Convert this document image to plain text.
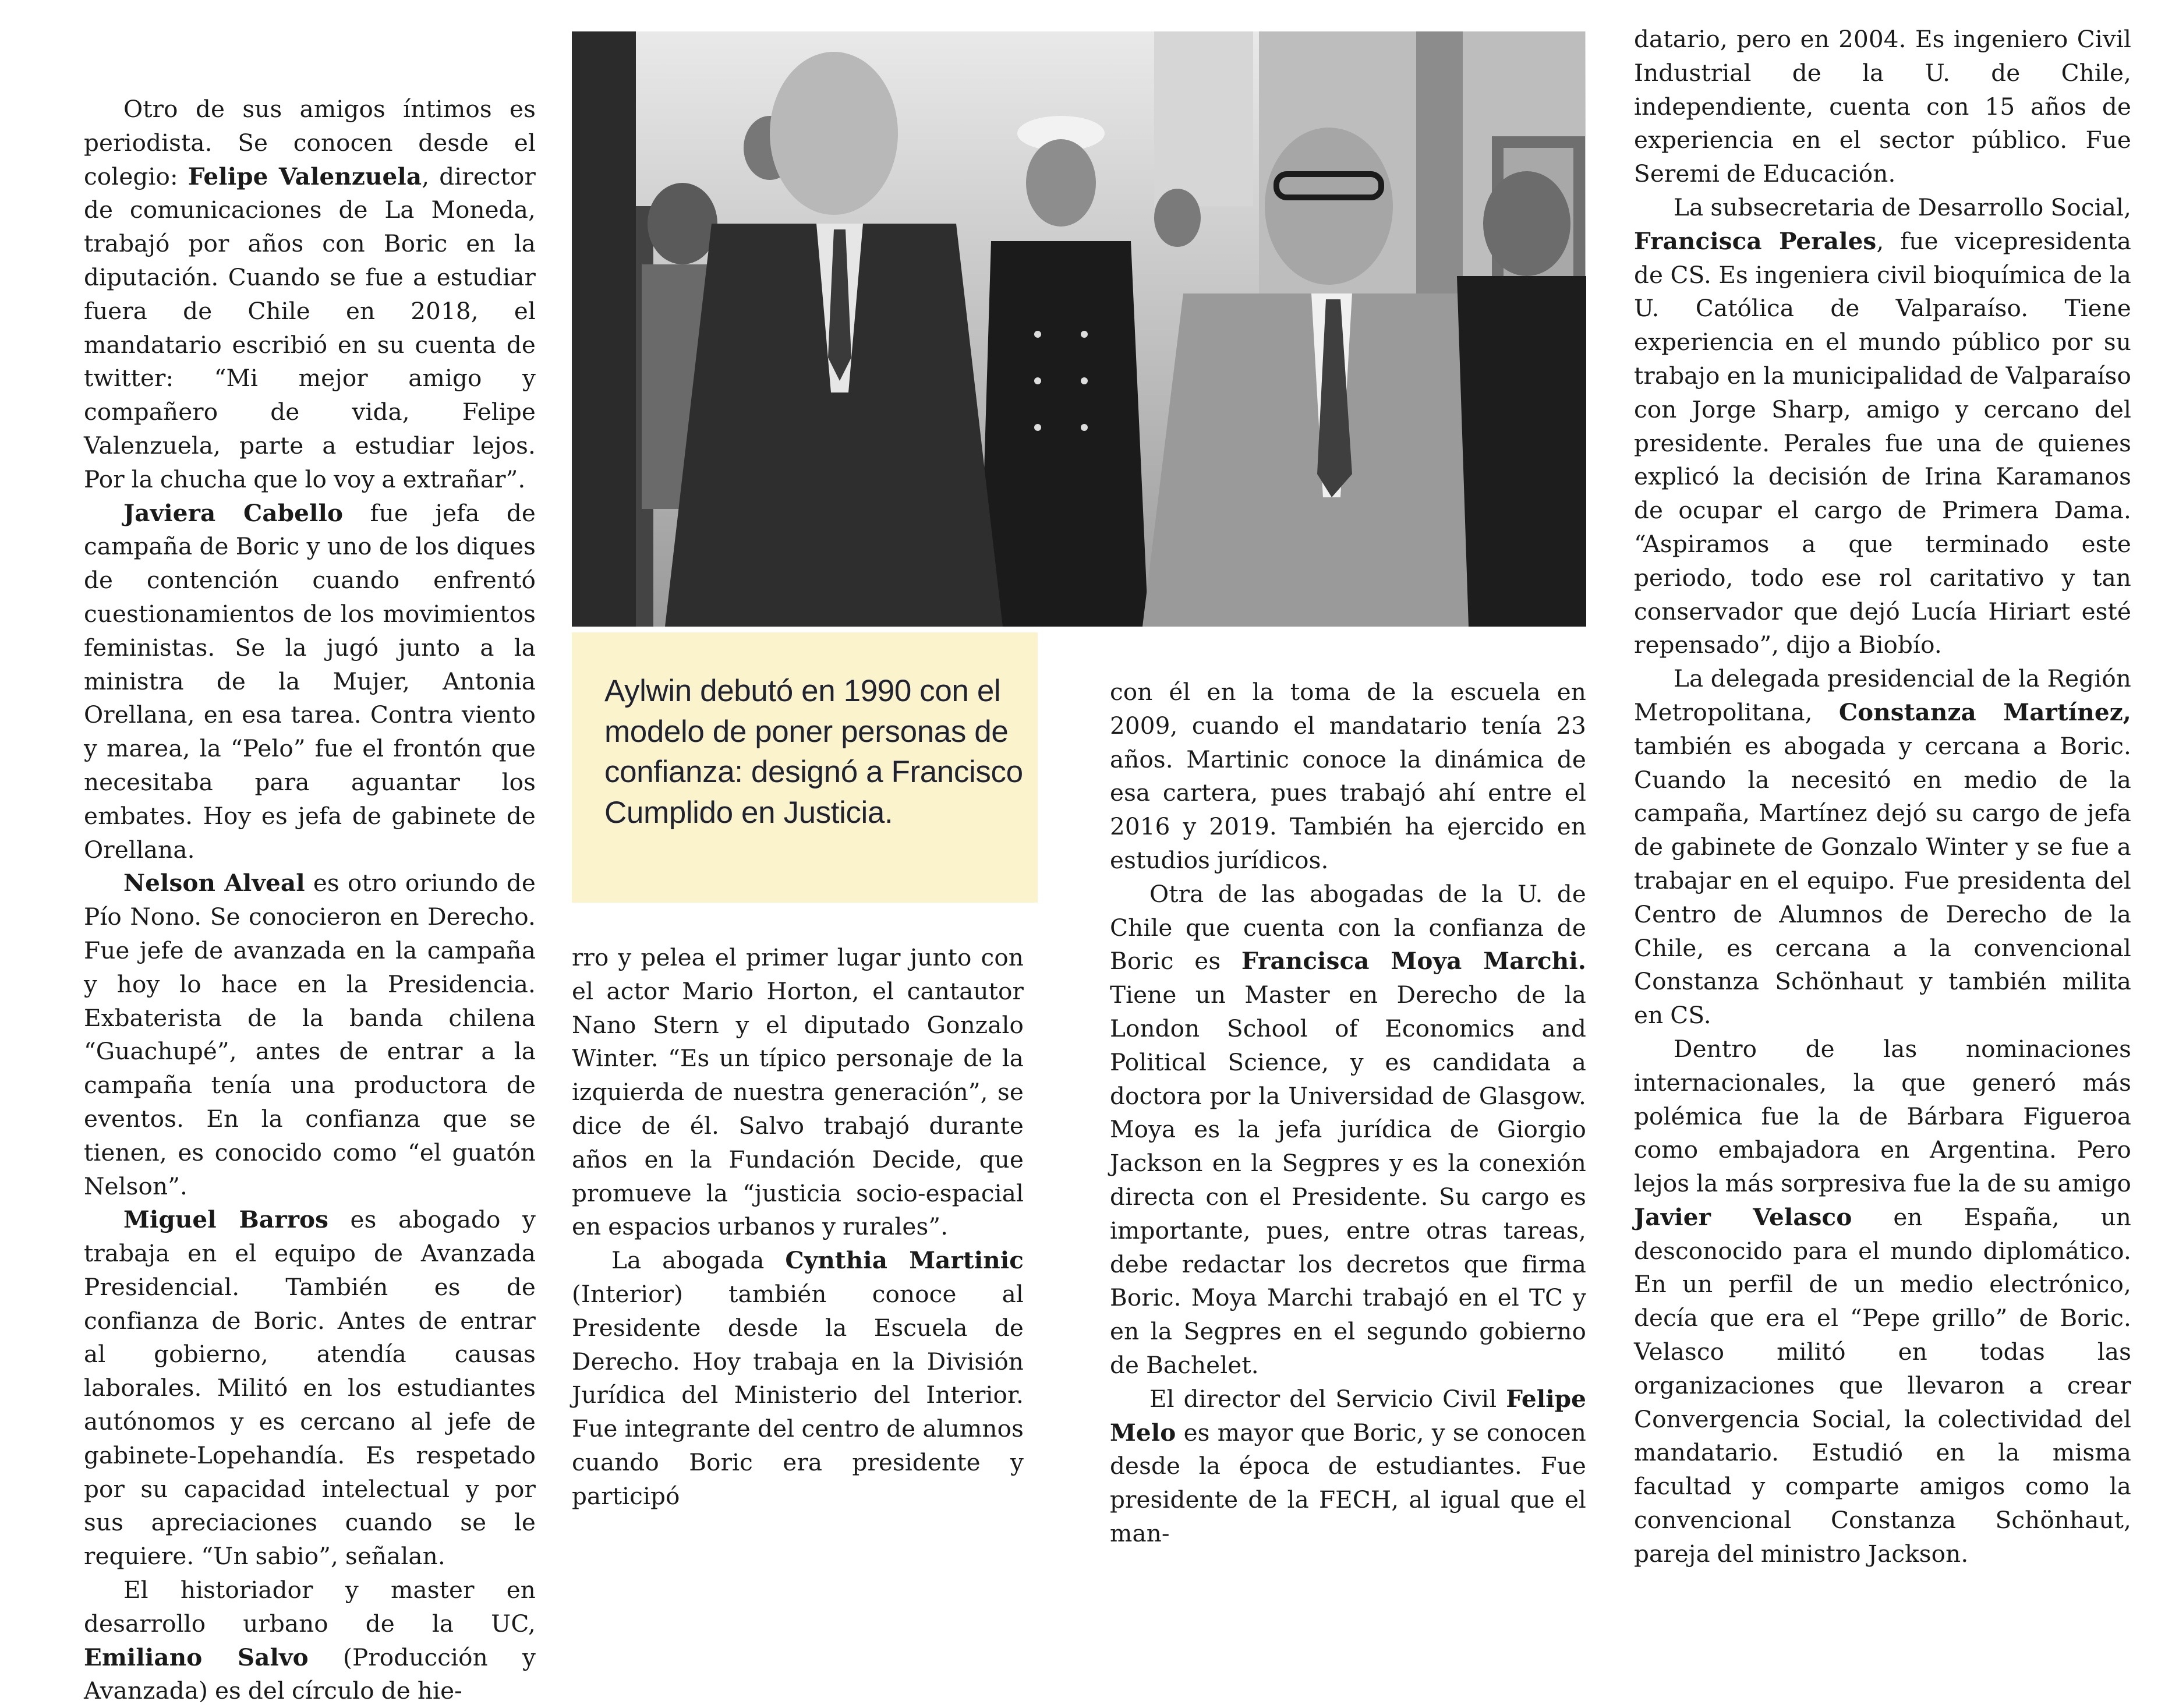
Otro de sus amigos íntimos es periodista. Se conocen desde el colegio: Felipe Valenzuela, director de comunicaciones de La Moneda, trabajó por años con Boric en la diputación. Cuando se fue a estudiar fuera de Chile en 2018, el mandatario escribió en su cuenta de twitter: “Mi mejor amigo y compañero de vida, Felipe Valenzuela, parte a estudiar lejos. Por la chucha que lo voy a extrañar”.

Javiera Cabello fue jefa de campaña de Boric y uno de los diques de contención cuando enfrentó cuestionamientos de los movimientos feministas. Se la jugó junto a la ministra de la Mujer, Antonia Orellana, en esa tarea. Contra viento y marea, la “Pelo” fue el frontón que necesitaba para aguantar los embates. Hoy es jefa de gabinete de Orellana.

Nelson Alveal es otro oriundo de Pío Nono. Se conocieron en Derecho. Fue jefe de avanzada en la campaña y hoy lo hace en la Presidencia. Exbaterista de la banda chilena “Guachupé”, antes de entrar a la campaña tenía una productora de eventos. En la confianza que se tienen, es conocido como “el guatón Nelson”.

Miguel Barros es abogado y trabaja en el equipo de Avanzada Presidencial. También es de confianza de Boric. Antes de entrar al gobierno, atendía causas laborales. Militó en los estudiantes autónomos y es cercano al jefe de gabinete-Lopehandía. Es respetado por su capacidad intelectual y por sus apreciaciones cuando se le requiere. “Un sabio”, señalan.

El historiador y master en desarrollo urbano de la UC, Emiliano Salvo (Producción y Avanzada) es del círculo de hie-

Aylwin debutó en 1990 con el modelo de poner personas de confianza: designó a Francisco Cumplido en Justicia.

rro y pelea el primer lugar junto con el actor Mario Horton, el cantautor Nano Stern y el diputado Gonzalo Winter. “Es un típico personaje de la izquierda de nuestra generación”, se dice de él. Salvo trabajó durante años en la Fundación Decide, que promueve la “justicia socio-espacial en espacios urbanos y rurales”.

La abogada Cynthia Martinic (Interior) también conoce al Presidente desde la Escuela de Derecho. Hoy trabaja en la División Jurídica del Ministerio del Interior. Fue integrante del centro de alumnos cuando Boric era presidente y participó

con él en la toma de la escuela en 2009, cuando el mandatario tenía 23 años. Martinic conoce la dinámica de esa cartera, pues trabajó ahí entre el 2016 y 2019. También ha ejercido en estudios jurídicos.

Otra de las abogadas de la U. de Chile que cuenta con la confianza de Boric es Francisca Moya Marchi. Tiene un Master en Derecho de la London School of Economics and Political Science, y es candidata a doctora por la Universidad de Glasgow. Moya es la jefa jurídica de Giorgio Jackson en la Segpres y es la conexión directa con el Presidente. Su cargo es importante, pues, entre otras tareas, debe redactar los decretos que firma Boric. Moya Marchi trabajó en el TC y en la Segpres en el segundo gobierno de Bachelet.

El director del Servicio Civil Felipe Melo es mayor que Boric, y se conocen desde la época de estudiantes. Fue presidente de la FECH, al igual que el man-

datario, pero en 2004. Es ingeniero Civil Industrial de la U. de Chile, independiente, cuenta con 15 años de experiencia en el sector público. Fue Seremi de Educación.

La subsecretaria de Desarrollo Social, Francisca Perales, fue vicepresidenta de CS. Es ingeniera civil bioquímica de la U. Católica de Valparaíso. Tiene experiencia en el mundo público por su trabajo en la municipalidad de Valparaíso con Jorge Sharp, amigo y cercano del presidente. Perales fue una de quienes explicó la decisión de Irina Karamanos de ocupar el cargo de Primera Dama. “Aspiramos a que terminado este periodo, todo ese rol caritativo y tan conservador que dejó Lucía Hiriart esté repensado”, dijo a Biobío.

La delegada presidencial de la Región Metropolitana, Constanza Martínez, también es abogada y cercana a Boric. Cuando la necesitó en medio de la campaña, Martínez dejó su cargo de jefa de gabinete de Gonzalo Winter y se fue a trabajar en el equipo. Fue presidenta del Centro de Alumnos de Derecho de la Chile, es cercana a la convencional Constanza Schönhaut y también milita en CS.

Dentro de las nominaciones internacionales, la que generó más polémica fue la de Bárbara Figueroa como embajadora en Argentina. Pero lejos la más sorpresiva fue la de su amigo Javier Velasco en España, un desconocido para el mundo diplomático. En un perfil de un medio electrónico, decía que era el “Pepe grillo” de Boric. Velasco militó en todas las organizaciones que llevaron a crear Convergencia Social, la colectividad del mandatario. Estudió en la misma facultad y comparte amigos como la convencional Constanza Schönhaut, pareja del ministro Jackson.
